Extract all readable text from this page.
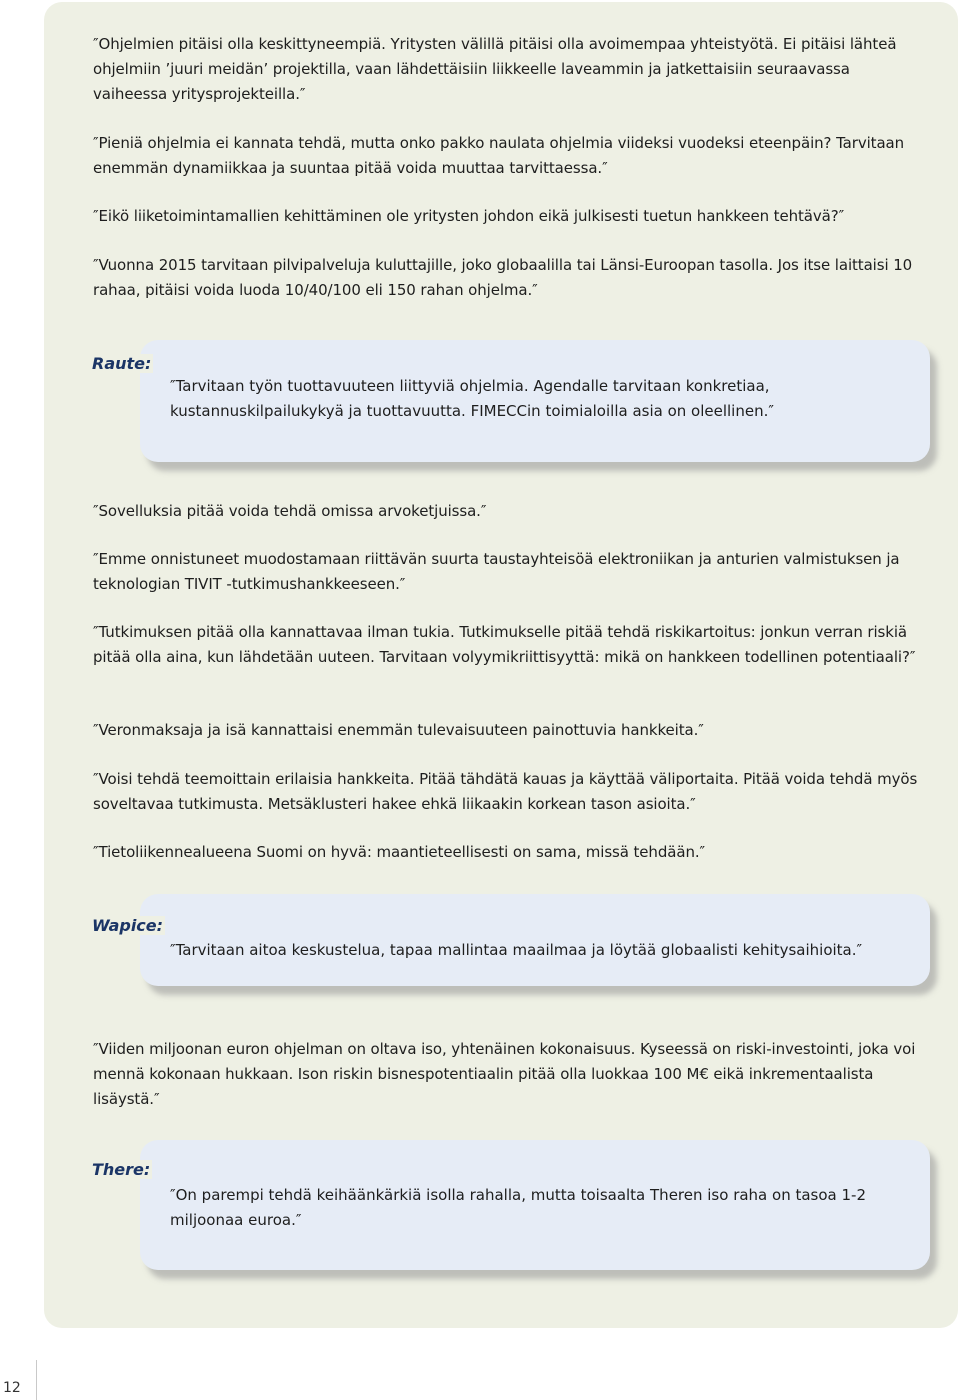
″Ohjelmien pitäisi olla keskittyneempiä. Yritysten välillä pitäisi olla avoimempaa yhteistyötä. Ei pitäisi lähteä ohjelmiin ’juuri meidän’ projektilla, vaan lähdettäisiin liikkeelle laveammin ja jatkettaisiin seuraavassa vaiheessa yritysprojekteilla.″

″Pieniä ohjelmia ei kannata tehdä, mutta onko pakko naulata ohjelmia viideksi vuodeksi eteenpäin? Tarvitaan enemmän dynamiikkaa ja suuntaa pitää voida muuttaa tarvittaessa.″

″Eikö liiketoimintamallien kehittäminen ole yritysten johdon eikä julkisesti tuetun hankkeen tehtävä?″

″Vuonna 2015 tarvitaan pilvipalveluja kuluttajille, joko globaalilla tai Länsi-Euroopan tasolla. Jos itse laittaisi 10 rahaa, pitäisi voida luoda 10/40/100 eli 150 rahan ohjelma.″

Raute:

″Tarvitaan työn tuottavuuteen liittyviä ohjelmia. Agendalle tarvitaan konkretiaa, kustannuskilpailukykyä ja tuottavuutta. FIMECCin toimialoilla asia on oleellinen.″

″Sovelluksia pitää voida tehdä omissa arvoketjuissa.″

″Emme onnistuneet muodostamaan riittävän suurta taustayhteisöä elektroniikan ja anturien valmistuksen ja teknologian TIVIT -tutkimushankkeeseen.″

″Tutkimuksen pitää olla kannattavaa ilman tukia. Tutkimukselle pitää tehdä riskikartoitus: jonkun verran riskiä pitää olla aina, kun lähdetään uuteen. Tarvitaan volyymikriittisyyttä: mikä on hankkeen todellinen potentiaali?″

″Veronmaksaja ja isä kannattaisi enemmän tulevaisuuteen painottuvia hankkeita.″

″Voisi tehdä teemoittain erilaisia hankkeita. Pitää tähdätä kauas ja käyttää väliportaita. Pitää voida tehdä myös soveltavaa tutkimusta. Metsäklusteri hakee ehkä liikaakin korkean tason asioita.″

″Tietoliikennealueena Suomi on hyvä: maantieteellisesti on sama, missä tehdään.″

Wapice:

″Tarvitaan aitoa keskustelua, tapaa mallintaa maailmaa ja löytää globaalisti kehitysaihioita.″

″Viiden miljoonan euron ohjelman on oltava iso, yhtenäinen kokonaisuus. Kyseessä on riski-investointi, joka voi mennä kokonaan hukkaan. Ison riskin bisnespotentiaalin pitää olla luokkaa 100 M€ eikä inkrementaalista lisäystä.″

There:

″On parempi tehdä keihäänkärkiä isolla rahalla, mutta toisaalta Theren iso raha on tasoa 1-2 miljoonaa euroa.″

12
